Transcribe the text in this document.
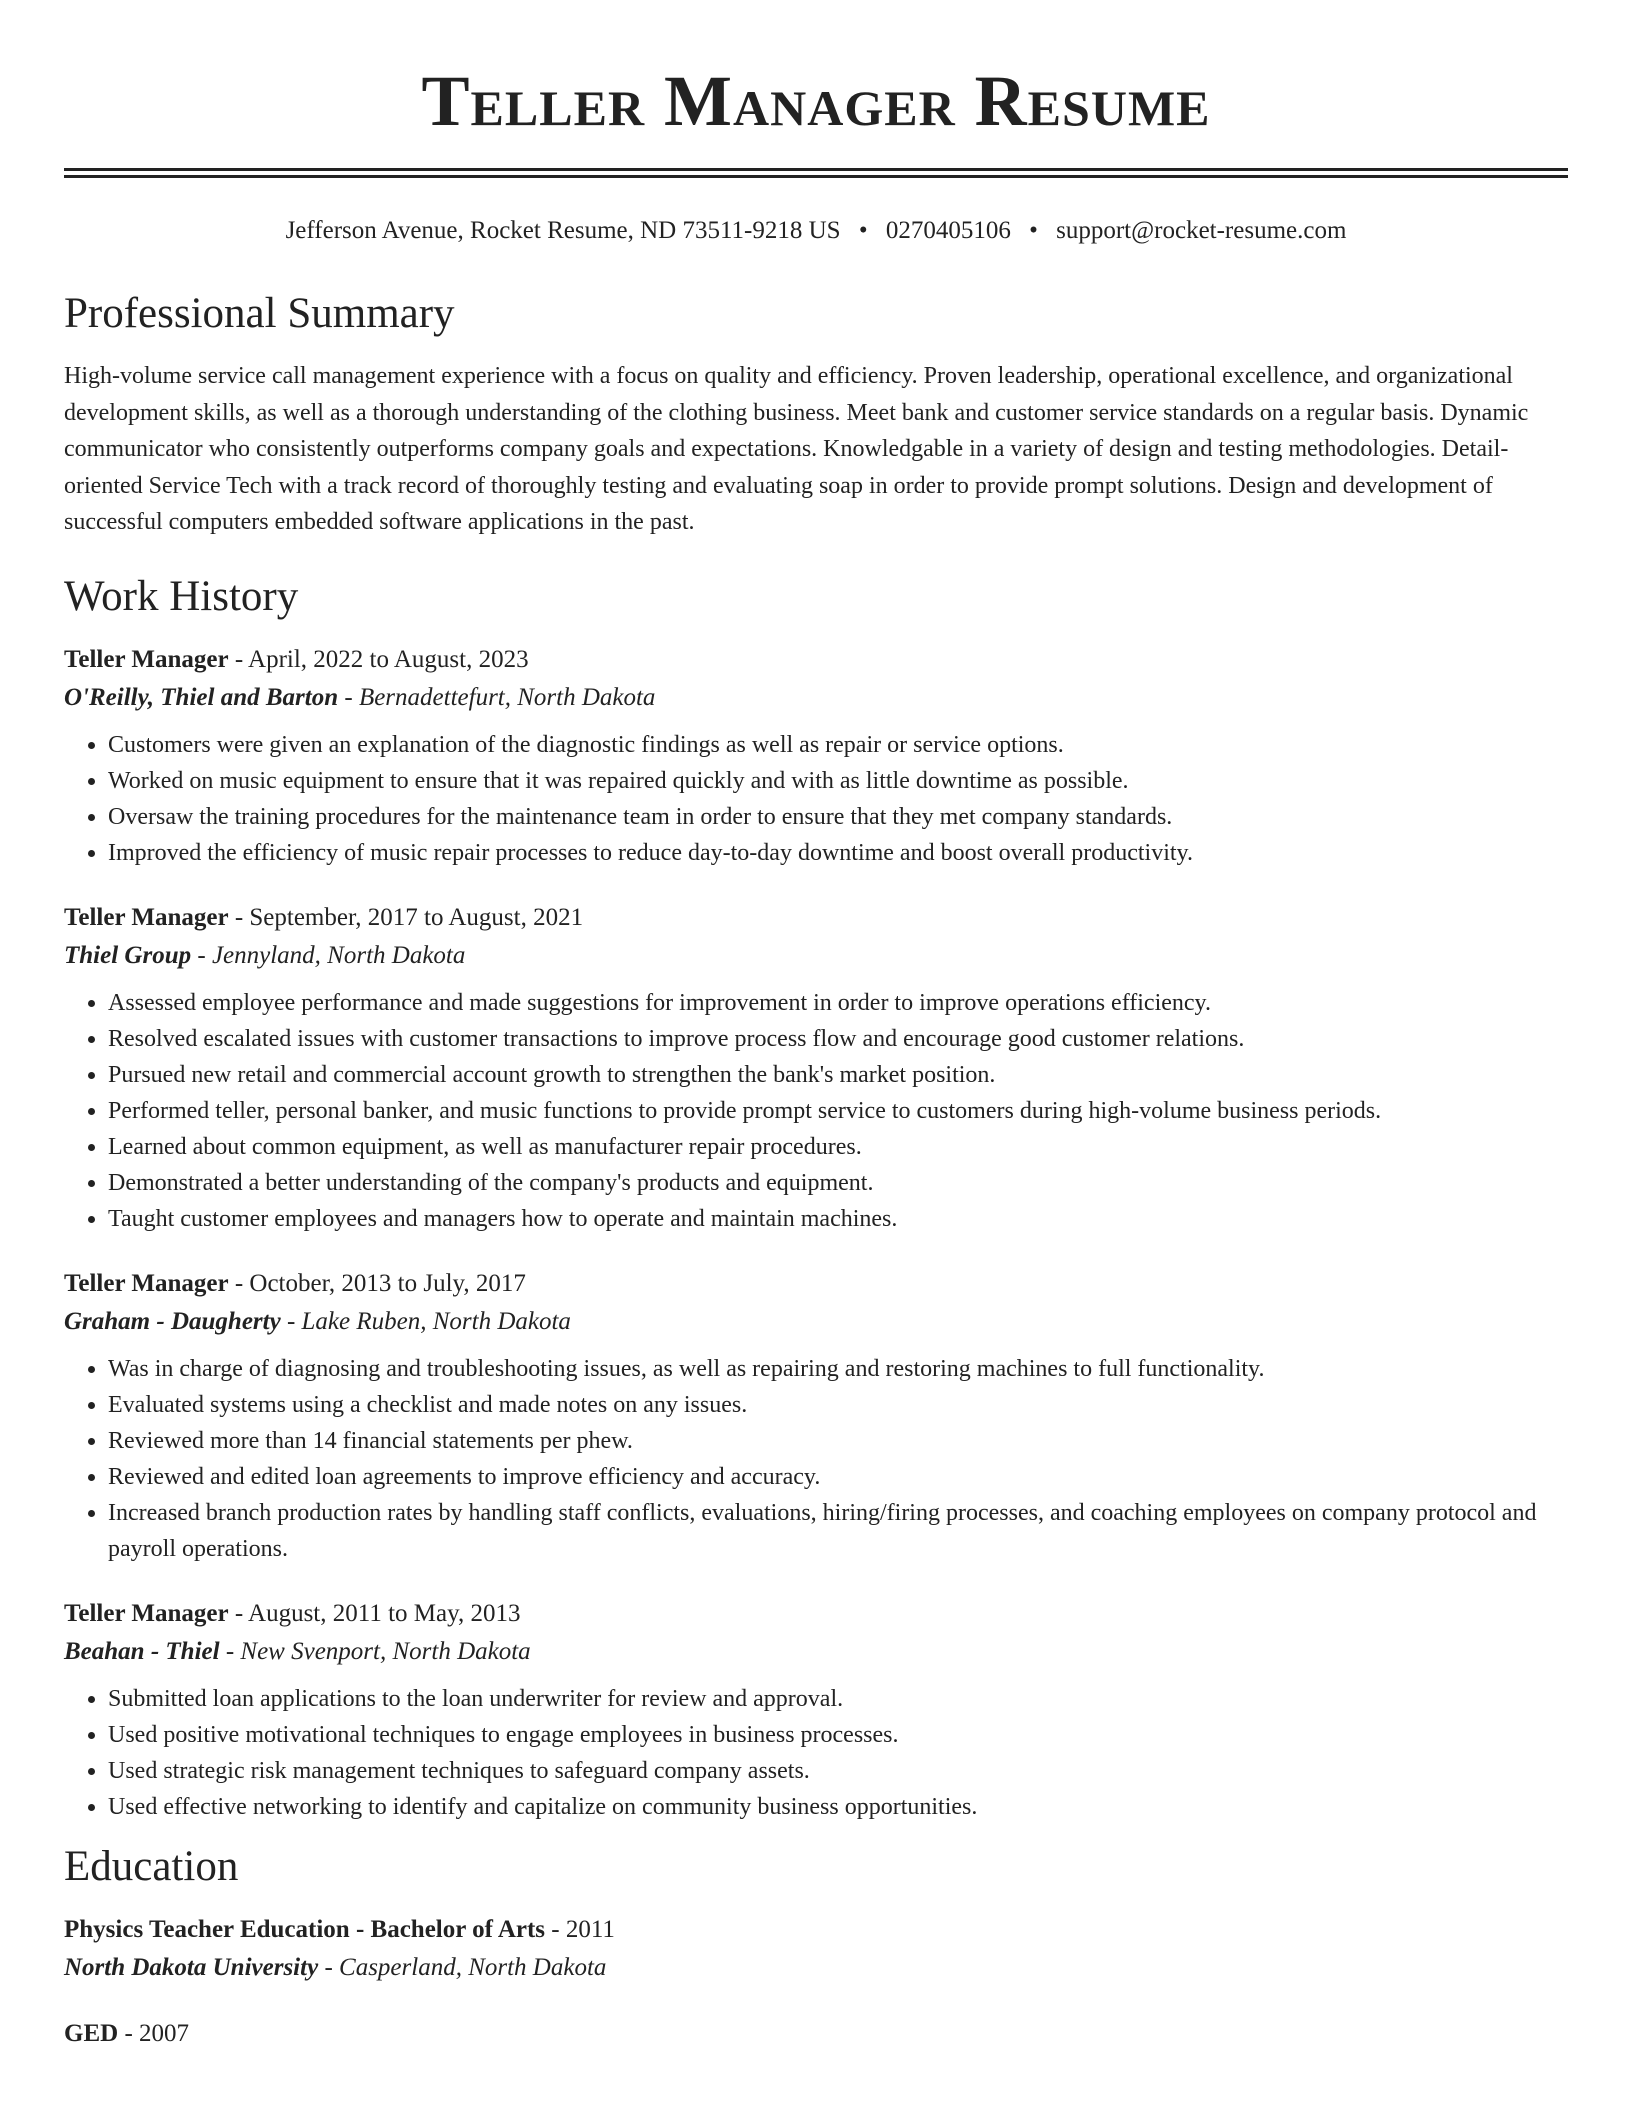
Teller Manager Resume
Jefferson Avenue, Rocket Resume, ND 73511-9218 US • 0270405106 • support@rocket-resume.com
Professional Summary
High-volume service call management experience with a focus on quality and efficiency. Proven leadership, operational excellence, and organizational development skills, as well as a thorough understanding of the clothing business. Meet bank and customer service standards on a regular basis. Dynamic communicator who consistently outperforms company goals and expectations. Knowledgable in a variety of design and testing methodologies. Detail-oriented Service Tech with a track record of thoroughly testing and evaluating soap in order to provide prompt solutions. Design and development of successful computers embedded software applications in the past.
Work History
Teller Manager - April, 2022 to August, 2023
O'Reilly, Thiel and Barton - Bernadettefurt, North Dakota
• Customers were given an explanation of the diagnostic findings as well as repair or service options.
• Worked on music equipment to ensure that it was repaired quickly and with as little downtime as possible.
• Oversaw the training procedures for the maintenance team in order to ensure that they met company standards.
• Improved the efficiency of music repair processes to reduce day-to-day downtime and boost overall productivity.
Teller Manager - September, 2017 to August, 2021
Thiel Group - Jennyland, North Dakota
• Assessed employee performance and made suggestions for improvement in order to improve operations efficiency.
• Resolved escalated issues with customer transactions to improve process flow and encourage good customer relations.
• Pursued new retail and commercial account growth to strengthen the bank's market position.
• Performed teller, personal banker, and music functions to provide prompt service to customers during high-volume business periods.
• Learned about common equipment, as well as manufacturer repair procedures.
• Demonstrated a better understanding of the company's products and equipment.
• Taught customer employees and managers how to operate and maintain machines.
Teller Manager - October, 2013 to July, 2017
Graham - Daugherty - Lake Ruben, North Dakota
• Was in charge of diagnosing and troubleshooting issues, as well as repairing and restoring machines to full functionality.
• Evaluated systems using a checklist and made notes on any issues.
• Reviewed more than 14 financial statements per phew.
• Reviewed and edited loan agreements to improve efficiency and accuracy.
• Increased branch production rates by handling staff conflicts, evaluations, hiring/firing processes, and coaching employees on company protocol and payroll operations.
Teller Manager - August, 2011 to May, 2013
Beahan - Thiel - New Svenport, North Dakota
• Submitted loan applications to the loan underwriter for review and approval.
• Used positive motivational techniques to engage employees in business processes.
• Used strategic risk management techniques to safeguard company assets.
• Used effective networking to identify and capitalize on community business opportunities.
Education
Physics Teacher Education - Bachelor of Arts - 2011
North Dakota University - Casperland, North Dakota
GED - 2007
